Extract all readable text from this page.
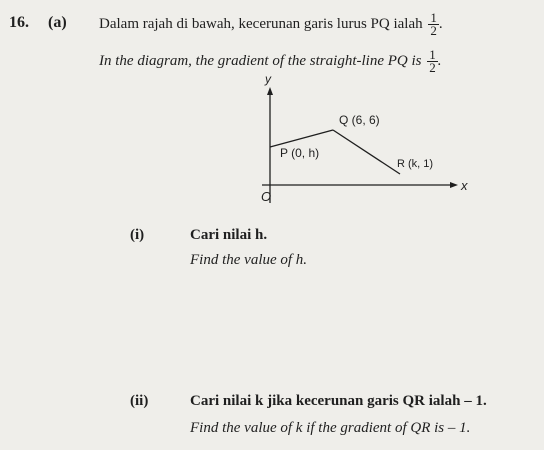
16. (a) Dalam rajah di bawah, kecerunan garis lurus PQ ialah $\frac{1}{2}$ .
In the diagram, the gradient of the straight-line PQ is $\frac{1}{2}$ .
y
x
O
Q (6, 6)
P (0, h)
R (k, 1)
(i)	Cari nilai h.
Find the value of h.
(ii)	Cari nilai k jika kecerunan garis QR ialah – 1.
Find the value of k if the gradient of QR is – 1.
